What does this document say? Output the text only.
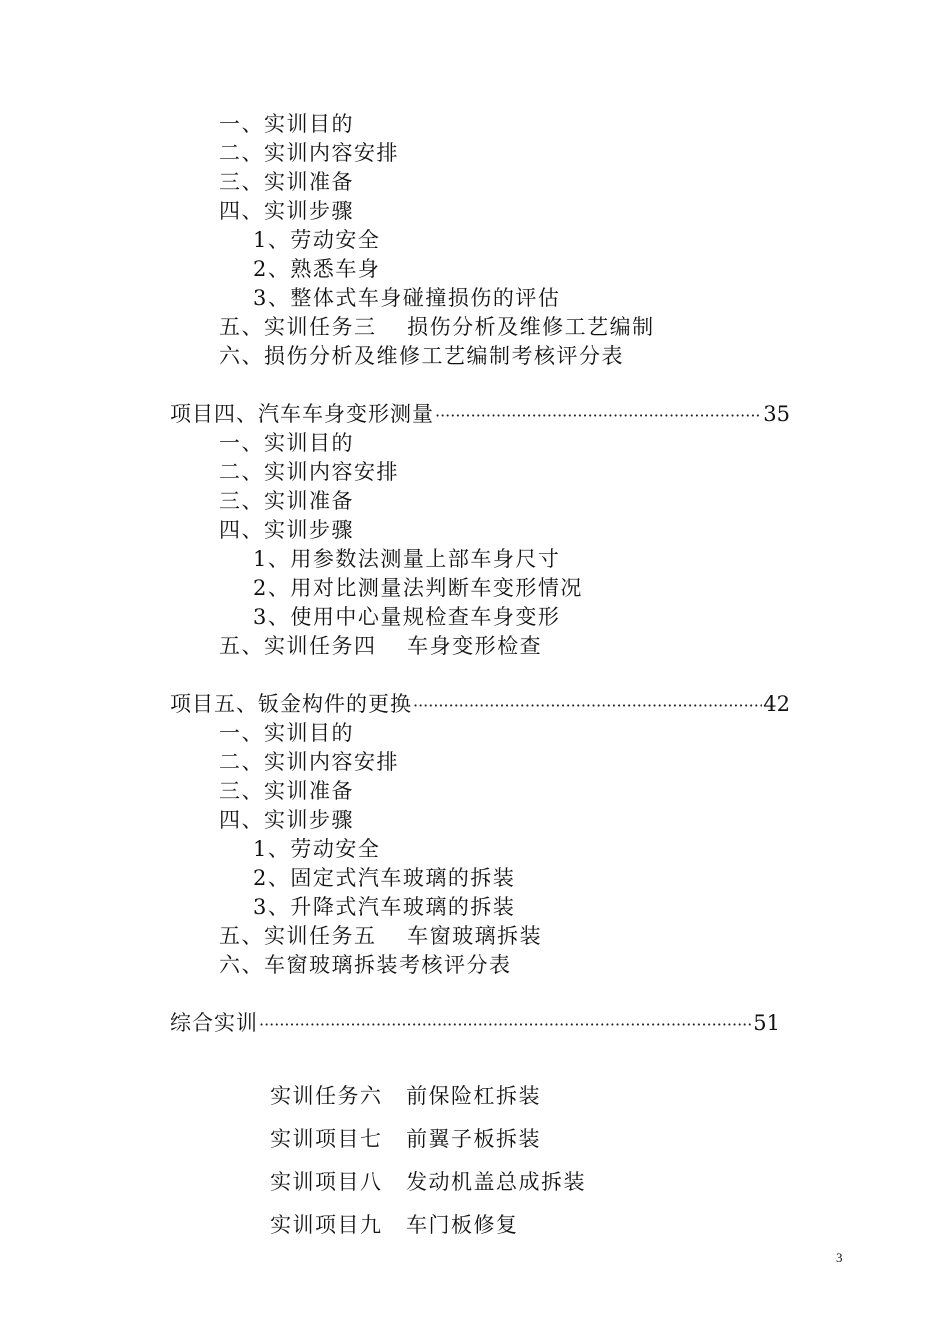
一、实训目的
二、实训内容安排
三、实训准备
四、实训步骤
1、劳动安全
2、熟悉车身
3、整体式车身碰撞损伤的评估
五、实训任务三　 损伤分析及维修工艺编制
六、损伤分析及维修工艺编制考核评分表
项目四、汽车车身变形测量 ·····	35
一、实训目的
二、实训内容安排
三、实训准备
四、实训步骤
1、用参数法测量上部车身尺寸
2、用对比测量法判断车变形情况
3、使用中心量规检查车身变形
五、实训任务四　 车身变形检查
项目五、钣金构件的更换 ·····	42
一、实训目的
二、实训内容安排
三、实训准备
四、实训步骤
1、劳动安全
2、固定式汽车玻璃的拆装
3、升降式汽车玻璃的拆装
五、实训任务五　 车窗玻璃拆装
六、车窗玻璃拆装考核评分表
综合实训 ·····	51

实训任务六 前保险杠拆装

实训项目七 前翼子板拆装

实训项目八 发动机盖总成拆装

实训项目九 车门板修复

3
